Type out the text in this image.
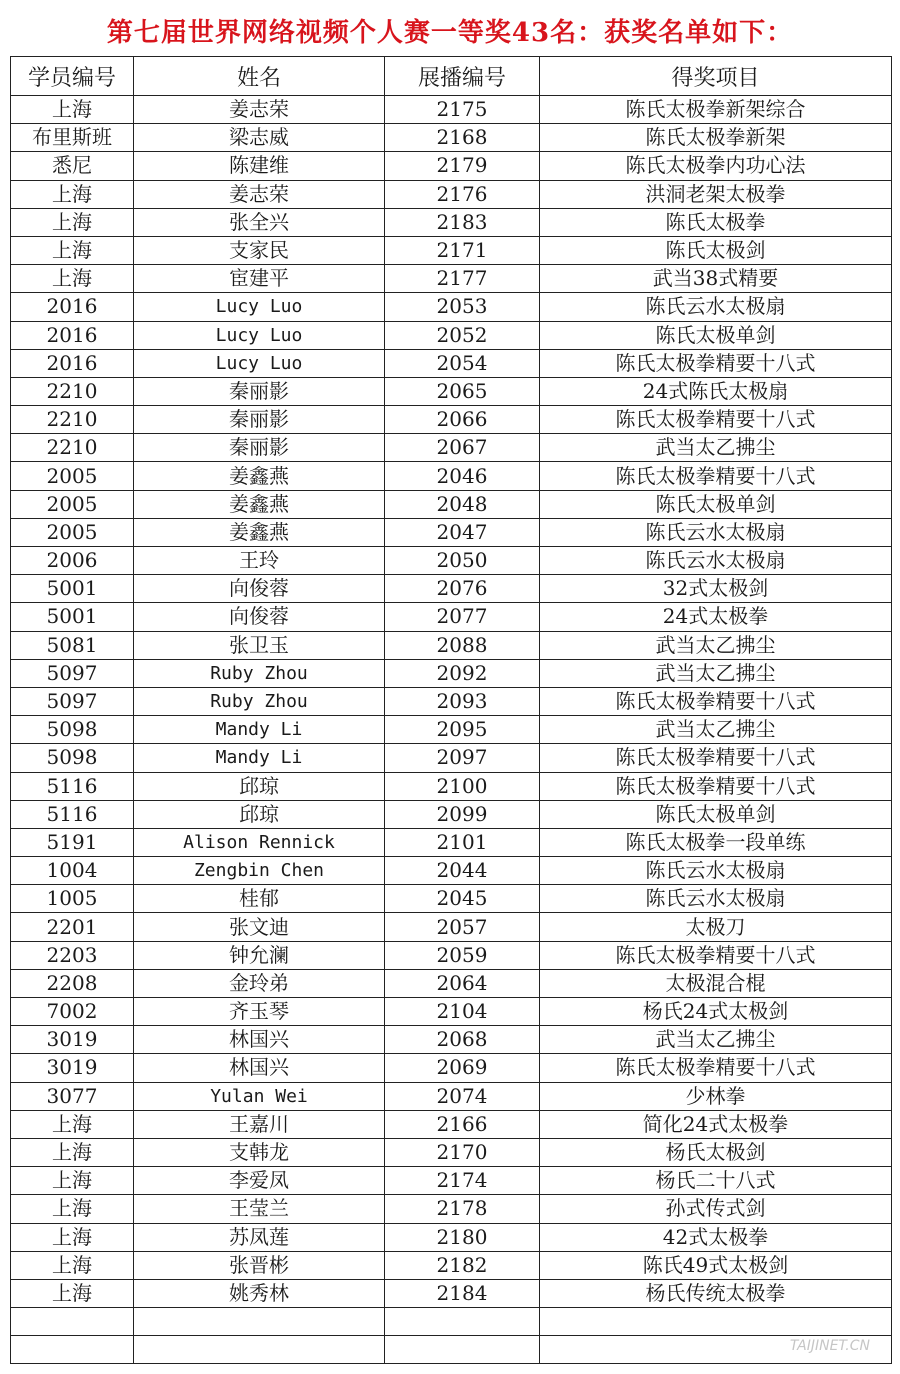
第七届世界网络视频个人赛一等奖43名：获奖名单如下：
学员编号	姓名	展播编号	得奖项目
上海	姜志荣	2175	陈氏太极拳新架综合
布里斯班	梁志威	2168	陈氏太极拳新架
悉尼	陈建维	2179	陈氏太极拳内功心法
上海	姜志荣	2176	洪洞老架太极拳
上海	张全兴	2183	陈氏太极拳
上海	支家民	2171	陈氏太极剑
上海	宦建平	2177	武当38式精要
2016	Lucy Luo	2053	陈氏云水太极扇
2016	Lucy Luo	2052	陈氏太极单剑
2016	Lucy Luo	2054	陈氏太极拳精要十八式
2210	秦丽影	2065	24式陈氏太极扇
2210	秦丽影	2066	陈氏太极拳精要十八式
2210	秦丽影	2067	武当太乙拂尘
2005	姜鑫燕	2046	陈氏太极拳精要十八式
2005	姜鑫燕	2048	陈氏太极单剑
2005	姜鑫燕	2047	陈氏云水太极扇
2006	王玲	2050	陈氏云水太极扇
5001	向俊蓉	2076	32式太极剑
5001	向俊蓉	2077	24式太极拳
5081	张卫玉	2088	武当太乙拂尘
5097	Ruby Zhou	2092	武当太乙拂尘
5097	Ruby Zhou	2093	陈氏太极拳精要十八式
5098	Mandy Li	2095	武当太乙拂尘
5098	Mandy Li	2097	陈氏太极拳精要十八式
5116	邱琼	2100	陈氏太极拳精要十八式
5116	邱琼	2099	陈氏太极单剑
5191	Alison Rennick	2101	陈氏太极拳一段单练
1004	Zengbin Chen	2044	陈氏云水太极扇
1005	桂郁	2045	陈氏云水太极扇
2201	张文迪	2057	太极刀
2203	钟允澜	2059	陈氏太极拳精要十八式
2208	金玲弟	2064	太极混合棍
7002	齐玉琴	2104	杨氏24式太极剑
3019	林国兴	2068	武当太乙拂尘
3019	林国兴	2069	陈氏太极拳精要十八式
3077	Yulan Wei	2074	少林拳
上海	王嘉川	2166	简化24式太极拳
上海	支韩龙	2170	杨氏太极剑
上海	李爱凤	2174	杨氏二十八式
上海	王莹兰	2178	孙式传式剑
上海	苏凤莲	2180	42式太极拳
上海	张晋彬	2182	陈氏49式太极剑
上海	姚秀林	2184	杨氏传统太极拳

TAIJINET.CN
